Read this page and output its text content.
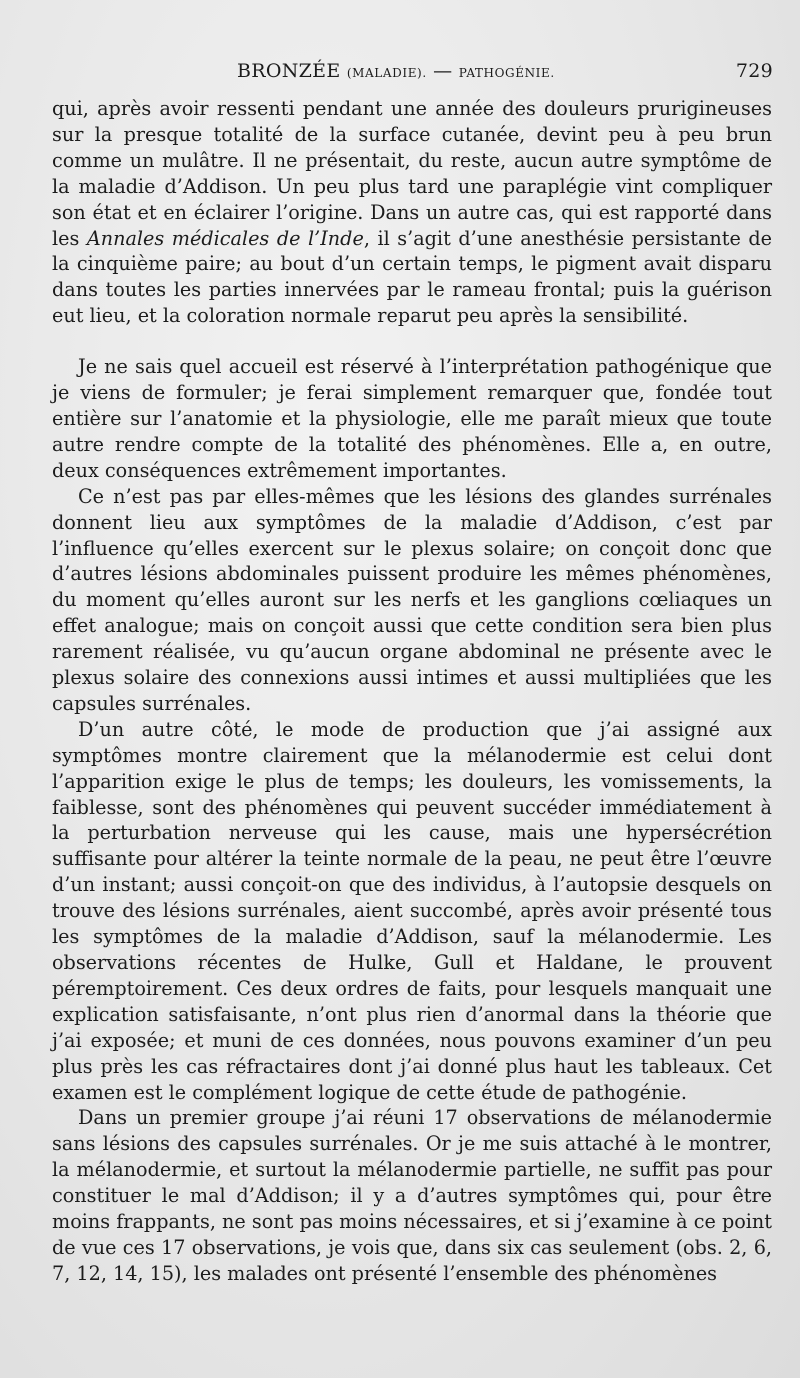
BRONZÉE (MALADIE). — PATHOGÉNIE.	729

qui, après avoir ressenti pendant une année des douleurs prurigineuses sur la presque totalité de la surface cutanée, devint peu à peu brun comme un mulâtre. Il ne présentait, du reste, aucun autre symptôme de la maladie d’Addison. Un peu plus tard une paraplégie vint compliquer son état et en éclairer l’origine. Dans un autre cas, qui est rapporté dans les Annales médicales de l’Inde, il s’agit d’une anesthésie persistante de la cinquième paire; au bout d’un certain temps, le pigment avait disparu dans toutes les parties innervées par le rameau frontal; puis la guérison eut lieu, et la coloration normale reparut peu après la sensibilité.

Je ne sais quel accueil est réservé à l’interprétation pathogénique que je viens de formuler; je ferai simplement remarquer que, fondée tout entière sur l’anatomie et la physiologie, elle me paraît mieux que toute autre rendre compte de la totalité des phénomènes. Elle a, en outre, deux conséquences extrêmement importantes.

Ce n’est pas par elles-mêmes que les lésions des glandes surrénales donnent lieu aux symptômes de la maladie d’Addison, c’est par l’influence qu’elles exercent sur le plexus solaire; on conçoit donc que d’autres lésions abdominales puissent produire les mêmes phénomènes, du moment qu’elles auront sur les nerfs et les ganglions cœliaques un effet analogue; mais on conçoit aussi que cette condition sera bien plus rarement réalisée, vu qu’aucun organe abdominal ne présente avec le plexus solaire des connexions aussi intimes et aussi multipliées que les capsules surrénales.

D’un autre côté, le mode de production que j’ai assigné aux symptômes montre clairement que la mélanodermie est celui dont l’apparition exige le plus de temps; les douleurs, les vomissements, la faiblesse, sont des phénomènes qui peuvent succéder immédiatement à la perturbation nerveuse qui les cause, mais une hypersécrétion suffisante pour altérer la teinte normale de la peau, ne peut être l’œuvre d’un instant; aussi conçoit-on que des individus, à l’autopsie desquels on trouve des lésions surrénales, aient succombé, après avoir présenté tous les symptômes de la maladie d’Addison, sauf la mélanodermie. Les observations récentes de Hulke, Gull et Haldane, le prouvent péremptoirement. Ces deux ordres de faits, pour lesquels manquait une explication satisfaisante, n’ont plus rien d’anormal dans la théorie que j’ai exposée; et muni de ces données, nous pouvons examiner d’un peu plus près les cas réfractaires dont j’ai donné plus haut les tableaux. Cet examen est le complément logique de cette étude de pathogénie.

Dans un premier groupe j’ai réuni 17 observations de mélanodermie sans lésions des capsules surrénales. Or je me suis attaché à le montrer, la mélanodermie, et surtout la mélanodermie partielle, ne suffit pas pour constituer le mal d’Addison; il y a d’autres symptômes qui, pour être moins frappants, ne sont pas moins nécessaires, et si j’examine à ce point de vue ces 17 observations, je vois que, dans six cas seulement (obs. 2, 6, 7, 12, 14, 15), les malades ont présenté l’ensemble des phénomènes
